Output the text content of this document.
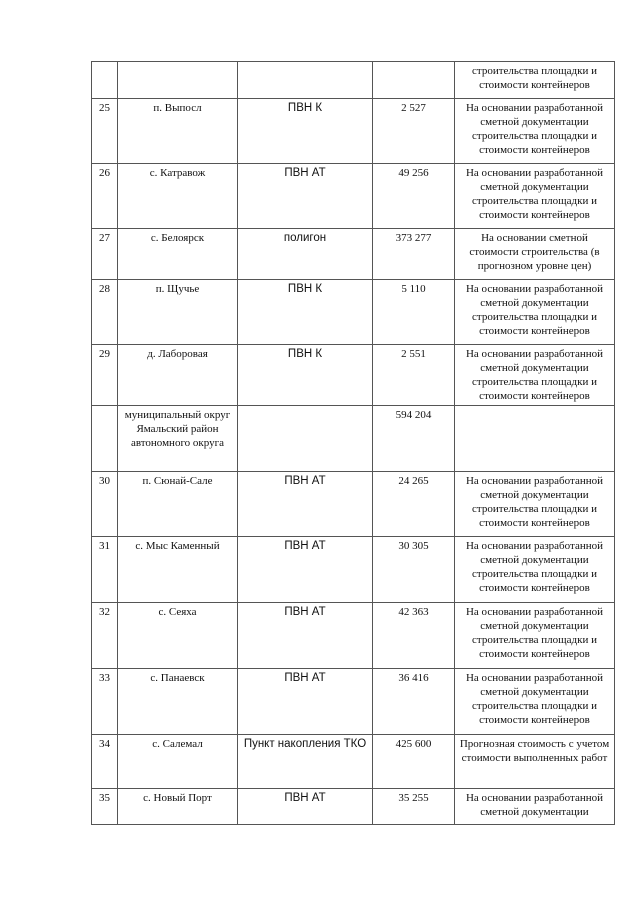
				строительства площадки и стоимости контейнеров
25	п. Выпосл	ПВН К	2 527	На основании разработанной сметной документации строительства площадки и стоимости контейнеров
26	с. Катравож	ПВН АТ	49 256	На основании разработанной сметной документации строительства площадки и стоимости контейнеров
27	с. Белоярск	полигон	373 277	На основании сметной стоимости строительства (в прогнозном уровне цен)
28	п. Щучье	ПВН К	5 110	На основании разработанной сметной документации строительства площадки и стоимости контейнеров
29	д. Лаборовая	ПВН К	2 551	На основании разработанной сметной документации строительства площадки и стоимости контейнеров
	муниципальный округ Ямальский район автономного округа		594 204	
30	п. Сюнай-Сале	ПВН АТ	24 265	На основании разработанной сметной документации строительства площадки и стоимости контейнеров
31	с. Мыс Каменный	ПВН АТ	30 305	На основании разработанной сметной документации строительства площадки и стоимости контейнеров
32	с. Сеяха	ПВН АТ	42 363	На основании разработанной сметной документации строительства площадки и стоимости контейнеров
33	с. Панаевск	ПВН АТ	36 416	На основании разработанной сметной документации строительства площадки и стоимости контейнеров
34	с. Салемал	Пункт накопления ТКО	425 600	Прогнозная стоимость с учетом стоимости выполненных работ
35	с. Новый Порт	ПВН АТ	35 255	На основании разработанной сметной документации
